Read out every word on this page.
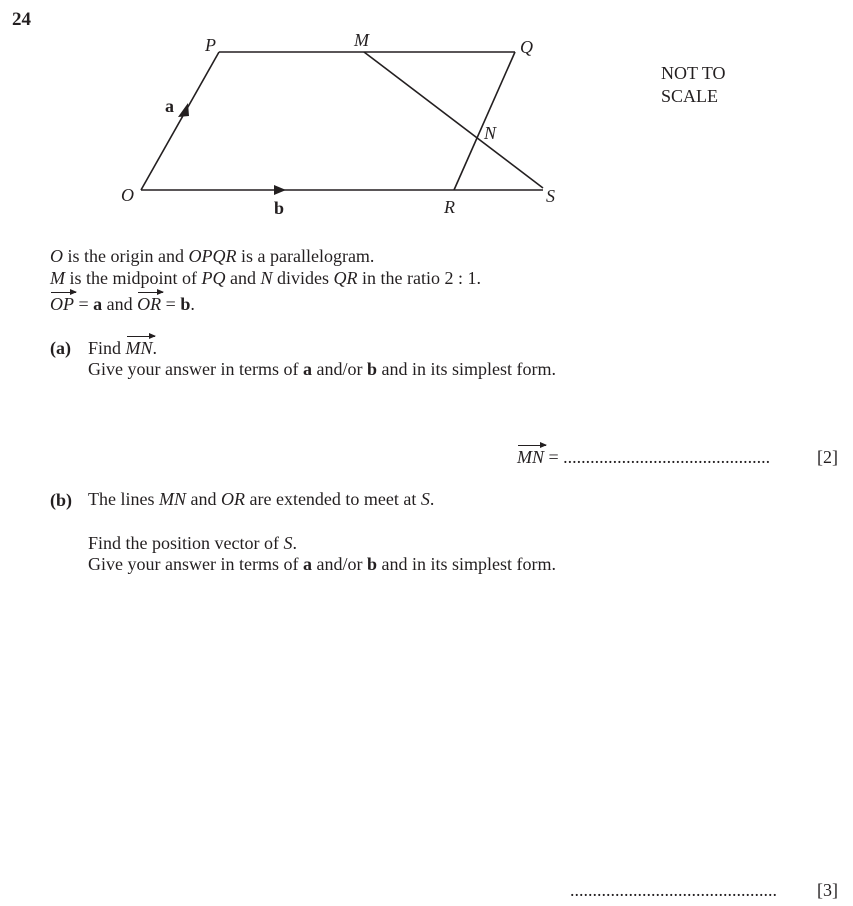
24
P	M	Q
N
O
R
S
a
b
NOT TO
SCALE
O is the origin and OPQR is a parallelogram.
M is the midpoint of PQ and N divides QR in the ratio 2 : 1.
OP = a and OR = b.
(a) Find MN.
Give your answer in terms of a and/or b and in its simplest form.
MN = ..............................................	[2]
(b) The lines MN and OR are extended to meet at S.
Find the position vector of S.
Give your answer in terms of a and/or b and in its simplest form.
.............................................. [3]
